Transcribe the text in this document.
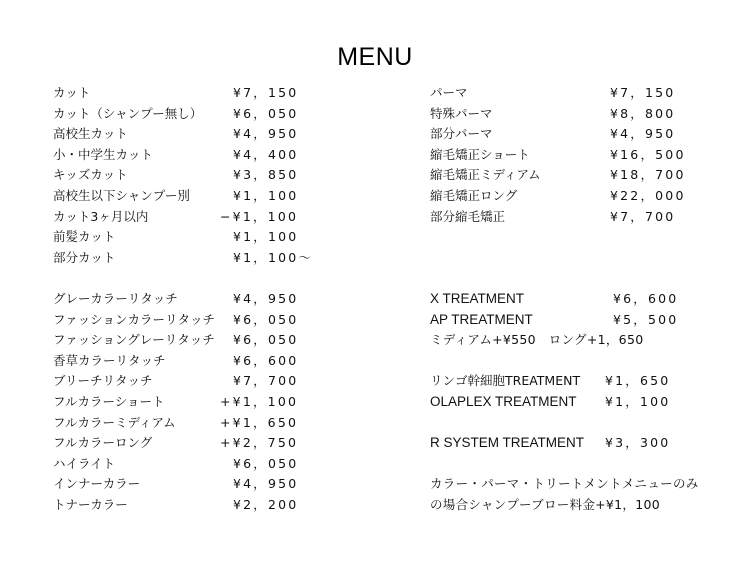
MENU
カット	¥7，150
カット（シャンプー無し） ¥6，050
高校生カット	¥4，950
小・中学生カット	¥4，400
キッズカット	¥3，850
高校生以下シャンプー別	¥1，100
カット3ヶ月以内	−¥1，100
前髪カット	¥1，100
部分カット	¥1，100〜
グレーカラーリタッチ	¥4，950
ファッションカラーリタッチ ¥6，050
ファッショングレーリタッチ ¥6，050
香草カラーリタッチ	¥6，600
ブリーチリタッチ	¥7，700
フルカラーショート	+¥1，100
フルカラーミディアム	+¥1，650
フルカラーロング	+¥2，750
ハイライト	¥6，050
インナーカラー	¥4，950
トナーカラー	¥2，200
パーマ	¥7，150
特殊パーマ	¥8，800
部分パーマ	¥4，950
縮毛矯正ショート	¥16，500
縮毛矯正ミディアム	¥18，700
縮毛矯正ロング	¥22，000
部分縮毛矯正	¥7，700
X TREATMENT	¥6，600
AP TREATMENT	¥5，500
ミディアム+¥550　ロング+1，650
リンゴ幹細胞TREATMENT ¥1，650
OLAPLEX TREATMENT ¥1，100
R SYSTEM TREATMENT ¥3，300
カラー・パーマ・トリートメントメニューのみ
の場合シャンプーブロー料金+¥1，100
